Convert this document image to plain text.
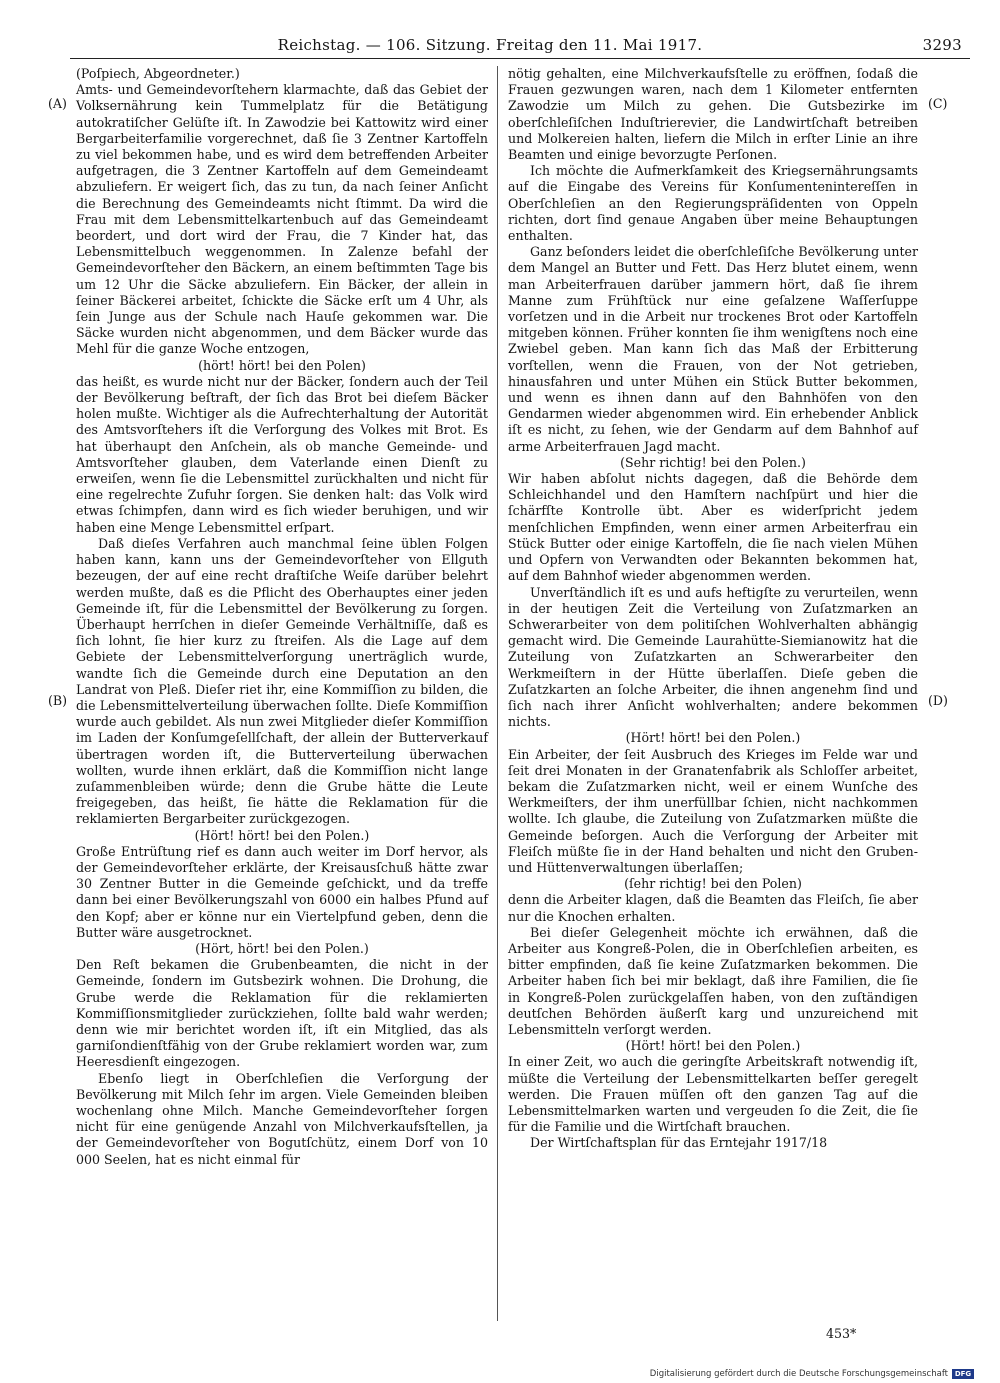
Reichstag. — 106. Sitzung. Freitag den 11. Mai 1917.	3293
(A)
(B)
(C)
(D)

(Poſpiech, Abgeordneter.)

Amts- und Gemeindevorſtehern klarmachte, daß das Gebiet der Volksernährung kein Tummelplatz für die Betätigung autokratiſcher Gelüſte iſt. In Zawodzie bei Kattowitz wird einer Bergarbeiterfamilie vorgerechnet, daß ſie 3 Zentner Kartoffeln zu viel bekommen habe, und es wird dem betreffenden Arbeiter aufgetragen, die 3 Zentner Kartoffeln auf dem Gemeindeamt abzuliefern. Er weigert ſich, das zu tun, da nach ſeiner Anſicht die Berechnung des Gemeindeamts nicht ſtimmt. Da wird die Frau mit dem Lebensmittelkartenbuch auf das Gemeindeamt beordert, und dort wird der Frau, die 7 Kinder hat, das Lebensmittelbuch weggenommen. In Zalenze befahl der Gemeindevorſteher den Bäckern, an einem beſtimmten Tage bis um 12 Uhr die Säcke abzuliefern. Ein Bäcker, der allein in ſeiner Bäckerei arbeitet, ſchickte die Säcke erſt um 4 Uhr, als ſein Junge aus der Schule nach Hauſe gekommen war. Die Säcke wurden nicht abgenommen, und dem Bäcker wurde das Mehl für die ganze Woche entzogen,

(hört! hört! bei den Polen)

das heißt, es wurde nicht nur der Bäcker, ſondern auch der Teil der Bevölkerung beſtraft, der ſich das Brot bei dieſem Bäcker holen mußte. Wichtiger als die Aufrechterhaltung der Autorität des Amtsvorſtehers iſt die Verſorgung des Volkes mit Brot. Es hat überhaupt den Anſchein, als ob manche Gemeinde- und Amtsvorſteher glauben, dem Vaterlande einen Dienſt zu erweiſen, wenn ſie die Lebensmittel zurückhalten und nicht für eine regelrechte Zufuhr ſorgen. Sie denken halt: das Volk wird etwas ſchimpfen, dann wird es ſich wieder beruhigen, und wir haben eine Menge Lebensmittel erſpart.

Daß dieſes Verfahren auch manchmal ſeine üblen Folgen haben kann, kann uns der Gemeindevorſteher von Ellguth bezeugen, der auf eine recht draſtiſche Weiſe darüber belehrt werden mußte, daß es die Pflicht des Oberhauptes einer jeden Gemeinde iſt, für die Lebensmittel der Bevölkerung zu ſorgen. Überhaupt herrſchen in dieſer Gemeinde Verhältniſſe, daß es ſich lohnt, ſie hier kurz zu ſtreifen. Als die Lage auf dem Gebiete der Lebensmittelverſorgung unerträglich wurde, wandte ſich die Gemeinde durch eine Deputation an den Landrat von Pleß. Dieſer riet ihr, eine Kommiſſion zu bilden, die die Lebensmittelverteilung überwachen ſollte. Dieſe Kommiſſion wurde auch gebildet. Als nun zwei Mitglieder dieſer Kommiſſion im Laden der Konſumgeſellſchaft, der allein der Butterverkauf übertragen worden iſt, die Butterverteilung überwachen wollten, wurde ihnen erklärt, daß die Kommiſſion nicht lange zuſammenbleiben würde; denn die Grube hätte die Leute freigegeben, das heißt, ſie hätte die Reklamation für die reklamierten Bergarbeiter zurückgezogen.

(Hört! hört! bei den Polen.)

Große Entrüſtung rief es dann auch weiter im Dorf hervor, als der Gemeindevorſteher erklärte, der Kreisausſchuß hätte zwar 30 Zentner Butter in die Gemeinde geſchickt, und da treffe dann bei einer Bevölkerungszahl von 6000 ein halbes Pfund auf den Kopf; aber er könne nur ein Viertelpfund geben, denn die Butter wäre ausgetrocknet.

(Hört, hört! bei den Polen.)

Den Reſt bekamen die Grubenbeamten, die nicht in der Gemeinde, ſondern im Gutsbezirk wohnen. Die Drohung, die Grube werde die Reklamation für die reklamierten Kommiſſionsmitglieder zurückziehen, ſollte bald wahr werden; denn wie mir berichtet worden iſt, iſt ein Mitglied, das als garniſondienſtfähig von der Grube reklamiert worden war, zum Heeresdienſt eingezogen.

Ebenſo liegt in Oberſchleſien die Verſorgung der Bevölkerung mit Milch ſehr im argen. Viele Gemeinden bleiben wochenlang ohne Milch. Manche Gemeindevorſteher ſorgen nicht für eine genügende Anzahl von Milchverkaufsſtellen, ja der Gemeindevorſteher von Bogutſchütz, einem Dorf von 10 000 Seelen, hat es nicht einmal für

nötig gehalten, eine Milchverkaufsſtelle zu eröffnen, ſodaß die Frauen gezwungen waren, nach dem 1 Kilometer entfernten Zawodzie um Milch zu gehen. Die Gutsbezirke im oberſchleſiſchen Induſtrierevier, die Landwirtſchaft betreiben und Molkereien halten, liefern die Milch in erſter Linie an ihre Beamten und einige bevorzugte Perſonen.

Ich möchte die Aufmerkſamkeit des Kriegsernährungsamts auf die Eingabe des Vereins für Konſumentenintereſſen in Oberſchleſien an den Regierungspräſidenten von Oppeln richten, dort ſind genaue Angaben über meine Behauptungen enthalten.

Ganz beſonders leidet die oberſchleſiſche Bevölkerung unter dem Mangel an Butter und Fett. Das Herz blutet einem, wenn man Arbeiterfrauen darüber jammern hört, daß ſie ihrem Manne zum Frühſtück nur eine geſalzene Waſſerſuppe vorſetzen und in die Arbeit nur trockenes Brot oder Kartoffeln mitgeben können. Früher konnten ſie ihm wenigſtens noch eine Zwiebel geben. Man kann ſich das Maß der Erbitterung vorſtellen, wenn die Frauen, von der Not getrieben, hinausfahren und unter Mühen ein Stück Butter bekommen, und wenn es ihnen dann auf den Bahnhöfen von den Gendarmen wieder abgenommen wird. Ein erhebender Anblick iſt es nicht, zu ſehen, wie der Gendarm auf dem Bahnhof auf arme Arbeiterfrauen Jagd macht.

(Sehr richtig! bei den Polen.)

Wir haben abſolut nichts dagegen, daß die Behörde dem Schleichhandel und den Hamſtern nachſpürt und hier die ſchärfſte Kontrolle übt. Aber es widerſpricht jedem menſchlichen Empfinden, wenn einer armen Arbeiterfrau ein Stück Butter oder einige Kartoffeln, die ſie nach vielen Mühen und Opfern von Verwandten oder Bekannten bekommen hat, auf dem Bahnhof wieder abgenommen werden.

Unverſtändlich iſt es und aufs heftigſte zu verurteilen, wenn in der heutigen Zeit die Verteilung von Zuſatzmarken an Schwerarbeiter von dem politiſchen Wohlverhalten abhängig gemacht wird. Die Gemeinde Laurahütte-Siemianowitz hat die Zuteilung von Zuſatzkarten an Schwerarbeiter den Werkmeiſtern in der Hütte überlaſſen. Dieſe geben die Zuſatzkarten an ſolche Arbeiter, die ihnen angenehm ſind und ſich nach ihrer Anſicht wohlverhalten; andere bekommen nichts.

(Hört! hört! bei den Polen.)

Ein Arbeiter, der ſeit Ausbruch des Krieges im Felde war und ſeit drei Monaten in der Granatenfabrik als Schloſſer arbeitet, bekam die Zuſatzmarken nicht, weil er einem Wunſche des Werkmeiſters, der ihm unerfüllbar ſchien, nicht nachkommen wollte. Ich glaube, die Zuteilung von Zuſatzmarken müßte die Gemeinde beſorgen. Auch die Verſorgung der Arbeiter mit Fleiſch müßte ſie in der Hand behalten und nicht den Gruben- und Hüttenverwaltungen überlaſſen;

(ſehr richtig! bei den Polen)

denn die Arbeiter klagen, daß die Beamten das Fleiſch, ſie aber nur die Knochen erhalten.

Bei dieſer Gelegenheit möchte ich erwähnen, daß die Arbeiter aus Kongreß-Polen, die in Oberſchleſien arbeiten, es bitter empfinden, daß ſie keine Zuſatzmarken bekommen. Die Arbeiter haben ſich bei mir beklagt, daß ihre Familien, die ſie in Kongreß-Polen zurückgelaſſen haben, von den zuſtändigen deutſchen Behörden äußerſt karg und unzureichend mit Lebensmitteln verſorgt werden.

(Hört! hört! bei den Polen.)

In einer Zeit, wo auch die geringſte Arbeitskraft notwendig iſt, müßte die Verteilung der Lebensmittelkarten beſſer geregelt werden. Die Frauen müſſen oft den ganzen Tag auf die Lebensmittelmarken warten und vergeuden ſo die Zeit, die ſie für die Familie und die Wirtſchaft brauchen.

Der Wirtſchaftsplan für das Erntejahr 1917/18

453*
Digitalisierung gefördert durch die Deutsche Forschungsgemeinschaft DFG
